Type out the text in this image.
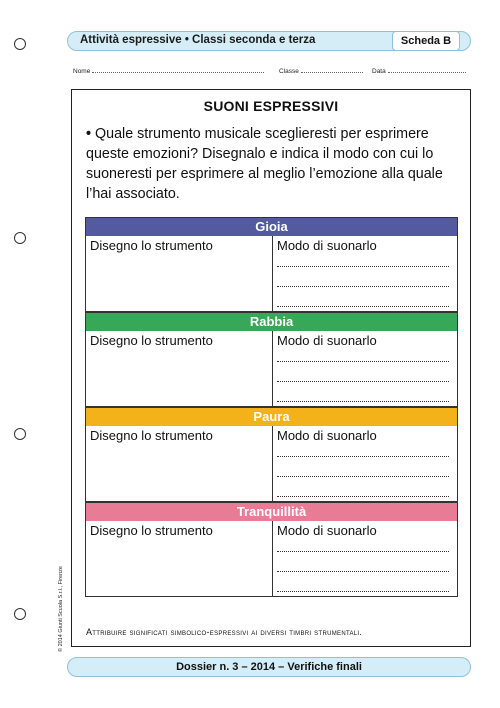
Attività espressive • Classi seconda e terza	Scheda B
Nome	Classe	Data
SUONI ESPRESSIVI
• Quale strumento musicale sceglieresti per esprimere queste emozioni? Disegnalo e indica il modo con cui lo suoneresti per esprimere al meglio l’emozione alla quale l’hai associato.
Gioia
Disegno lo strumento	Modo di suonarlo
Rabbia
Disegno lo strumento	Modo di suonarlo
Paura
Disegno lo strumento	Modo di suonarlo
Tranquillità
Disegno lo strumento	Modo di suonarlo
Attribuire significati simbolico-espressivi ai diversi timbri strumentali.
© 2014 Giunti Scuola S.r.l., Firenze
Dossier n. 3 – 2014 – Verifiche finali
